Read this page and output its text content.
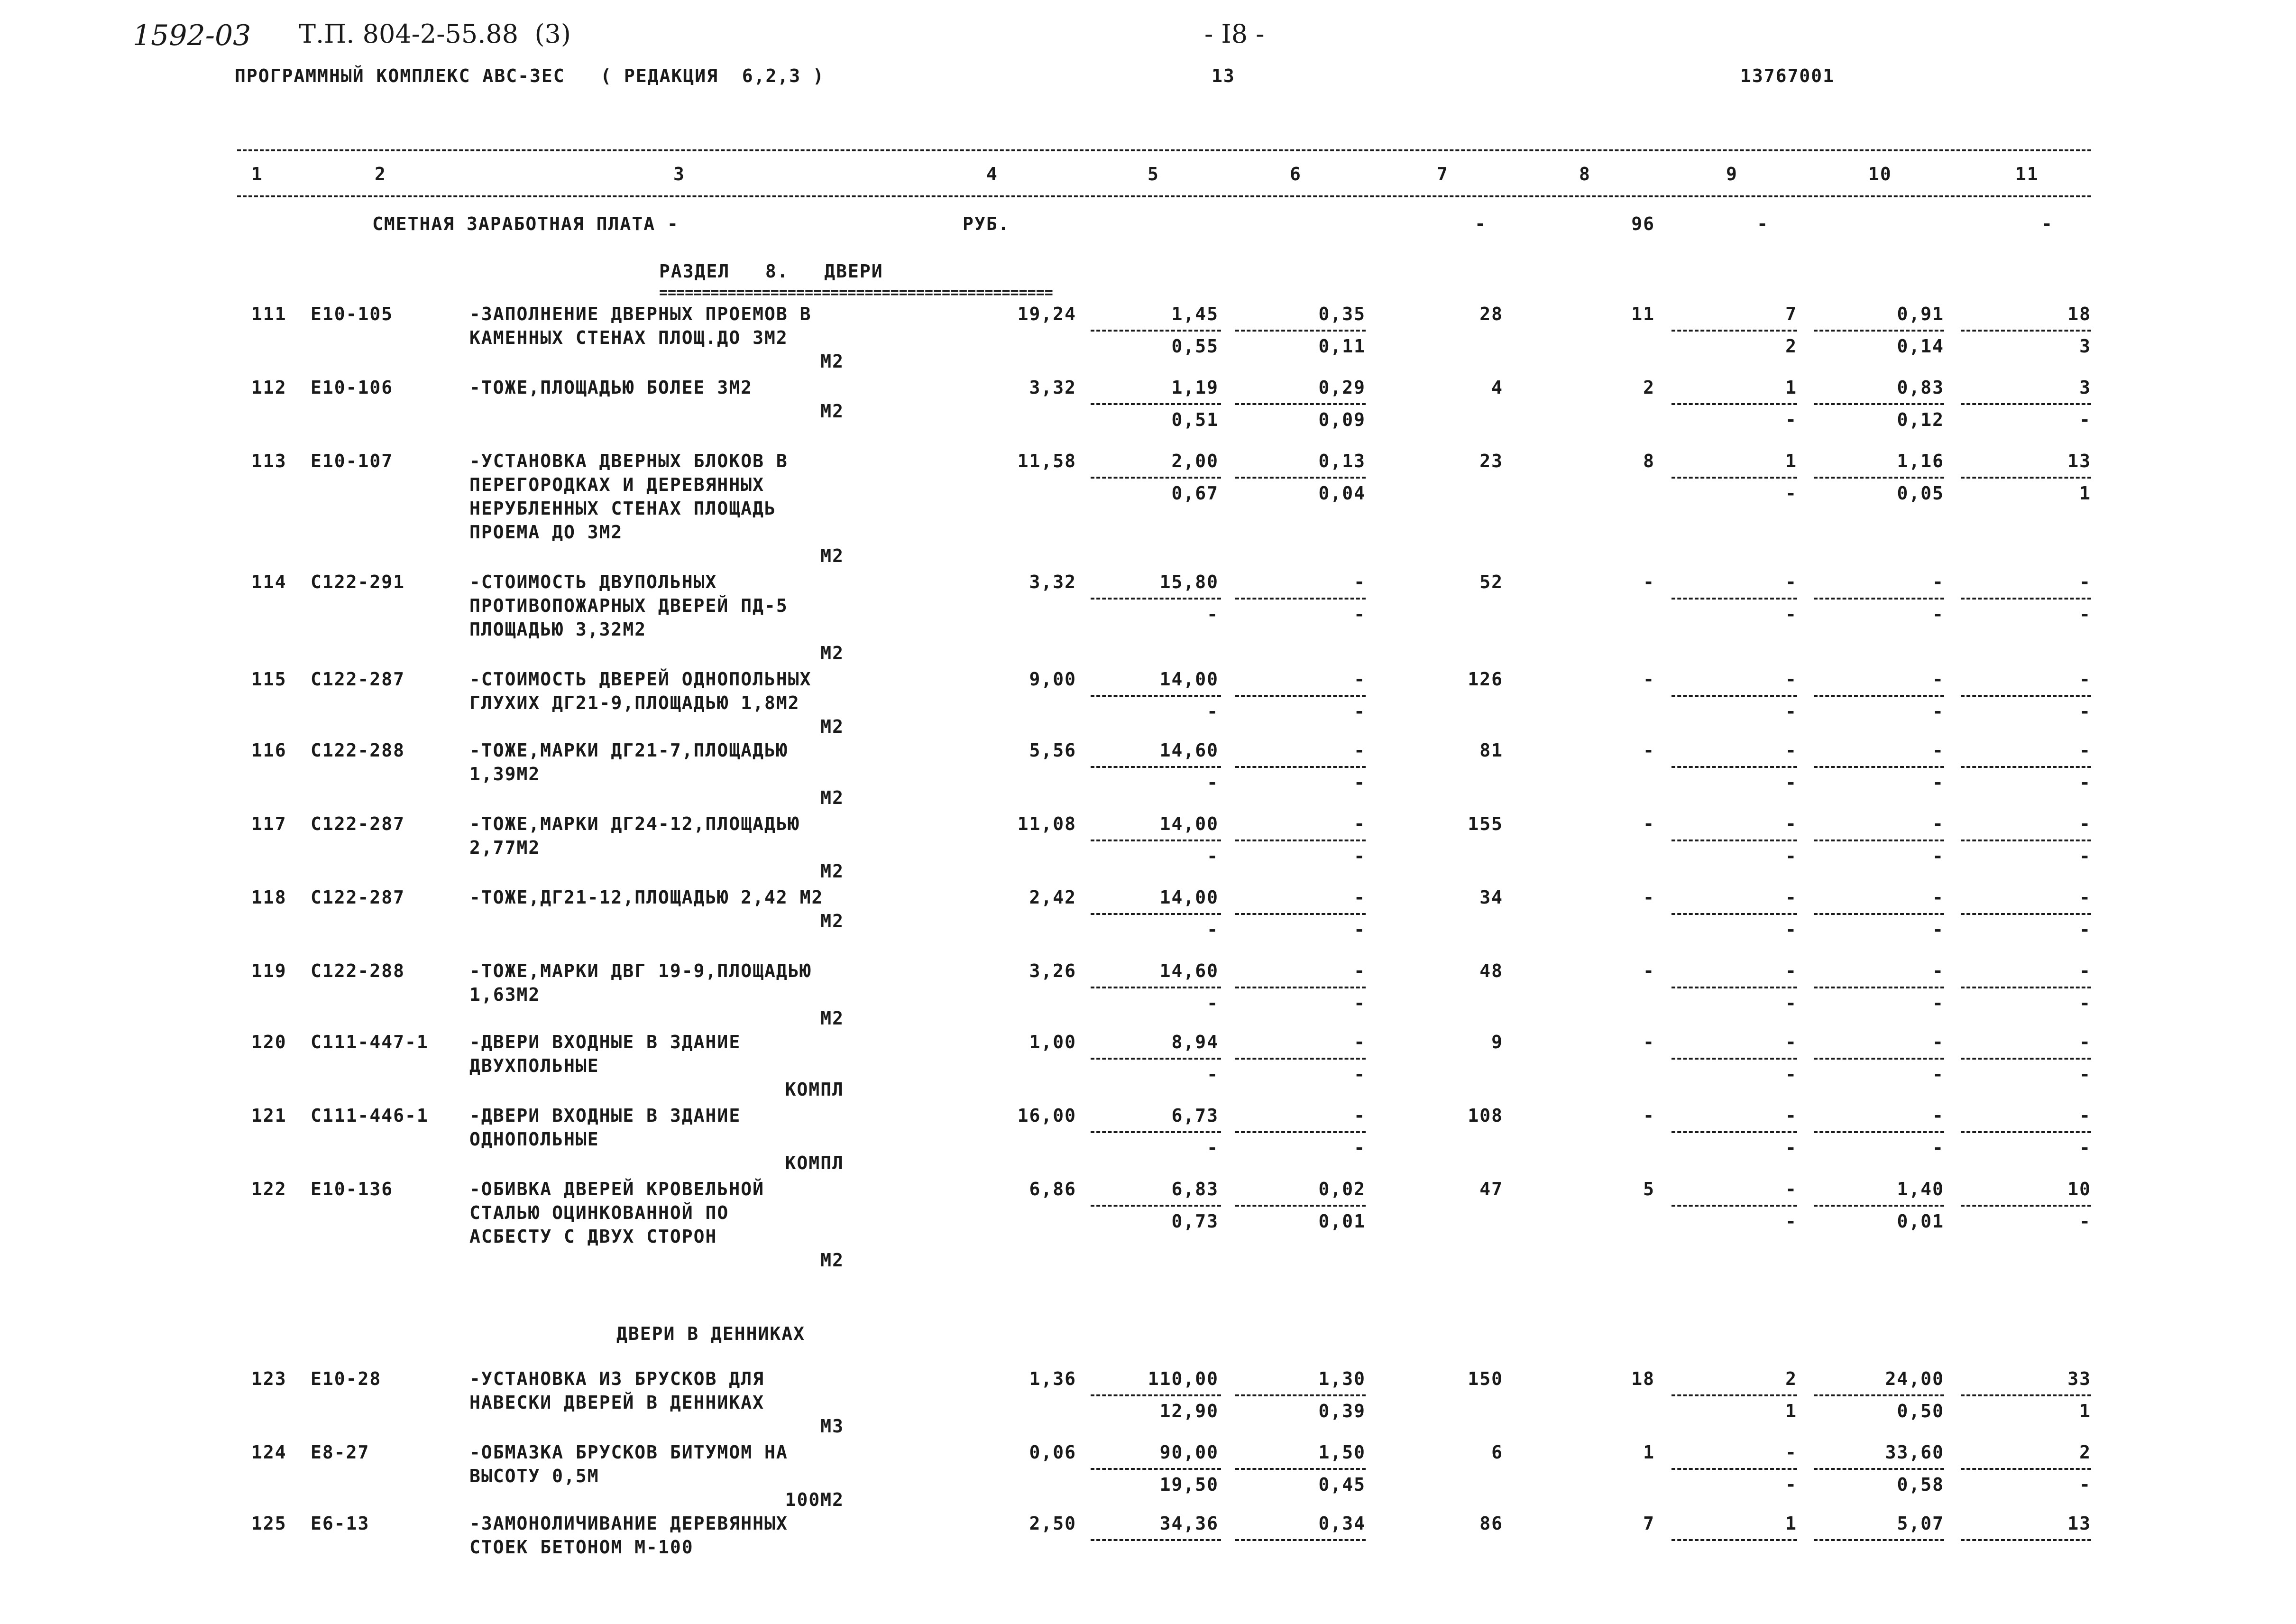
1592-03 Т.П. 804-2-55.88  (3)	- I8 -
ПРОГРАММНЫЙ КОМПЛЕКС АВС-3ЕС   ( РЕДАКЦИЯ  6,2,3 )	13	13767001
1	2	3	4	5	6	7	8	9	10	11
СМЕТНАЯ ЗАРАБОТНАЯ ПЛАТА -	РУБ.	-	96	-	-
РАЗДЕЛ   8.   ДВЕРИ
==============================================
111 Е10-105	-ЗАПОЛНЕНИЕ ДВЕРНЫХ ПРОЕМОВ В
КАМЕННЫХ СТЕНАХ ПЛОЩ.ДО 3М2
19,24	1,45	0,35	28	11	7	0,91	18
0,55	0,11	2	0,14	3
М2
112 Е10-106	-ТОЖЕ,ПЛОЩАДЬЮ БОЛЕЕ 3М2	3,32	1,19	0,29	4	2	1	0,83	3
0,51	0,09	-	0,12	-
М2
113 Е10-107	-УСТАНОВКА ДВЕРНЫХ БЛОКОВ В
ПЕРЕГОРОДКАХ И ДЕРЕВЯННЫХ
НЕРУБЛЕННЫХ СТЕНАХ ПЛОЩАДЬ
ПРОЕМА ДО 3М2
11,58	2,00	0,13	23	8	1	1,16	13
0,67	0,04	-	0,05	1
М2
114 С122-291	-СТОИМОСТЬ ДВУПОЛЬНЫХ
ПРОТИВОПОЖАРНЫХ ДВЕРЕЙ ПД-5
ПЛОЩАДЬЮ 3,32М2
3,32	15,80	-	52	-	-	-	-
-	-	-	-	-
М2
115 С122-287	-СТОИМОСТЬ ДВЕРЕЙ ОДНОПОЛЬНЫХ
ГЛУХИХ ДГ21-9,ПЛОЩАДЬЮ 1,8М2
9,00	14,00	-	126	-	-	-	-
-	-	-	-	-
М2
116 С122-288	-ТОЖЕ,МАРКИ ДГ21-7,ПЛОЩАДЬЮ
1,39М2
5,56	14,60	-	81	-	-	-	-
-	-	-	-	-
М2
117 С122-287	-ТОЖЕ,МАРКИ ДГ24-12,ПЛОЩАДЬЮ
2,77М2
11,08	14,00	-	155	-	-	-	-
-	-	-	-	-
М2
118 С122-287	-ТОЖЕ,ДГ21-12,ПЛОЩАДЬЮ 2,42 М2	2,42	14,00	-	34	-	-	-	-
-	-	-	-	-
М2
119 С122-288	-ТОЖЕ,МАРКИ ДВГ 19-9,ПЛОЩАДЬЮ
1,63М2
3,26	14,60	-	48	-	-	-	-
-	-	-	-	-
М2
120 С111-447-1 -ДВЕРИ ВХОДНЫЕ В ЗДАНИЕ
ДВУХПОЛЬНЫЕ
1,00	8,94	-	9	-	-	-	-
-	-	-	-	-
КОМПЛ
121 С111-446-1 -ДВЕРИ ВХОДНЫЕ В ЗДАНИЕ
ОДНОПОЛЬНЫЕ
16,00	6,73	-	108	-	-	-	-
-	-	-	-	-
КОМПЛ
122 Е10-136	-ОБИВКА ДВЕРЕЙ КРОВЕЛЬНОЙ
СТАЛЬЮ ОЦИНКОВАННОЙ ПО
АСБЕСТУ С ДВУХ СТОРОН
6,86	6,83	0,02	47	5	-	1,40	10
0,73	0,01	-	0,01	-
М2
123 Е10-28	-УСТАНОВКА ИЗ БРУСКОВ ДЛЯ
НАВЕСКИ ДВЕРЕЙ В ДЕННИКАХ
1,36	110,00	1,30	150	18	2	24,00	33
12,90	0,39	1	0,50	1
М3
124 Е8-27	-ОБМАЗКА БРУСКОВ БИТУМОМ НА
ВЫСОТУ 0,5М
0,06	90,00	1,50	6	1	-	33,60	2
19,50	0,45	-	0,58	-
100М2
125 Е6-13	-ЗАМОНОЛИЧИВАНИЕ ДЕРЕВЯННЫХ
СТОЕК БЕТОНОМ М-100
2,50	34,36	0,34	86	7	1	5,07	13
ДВЕРИ В ДЕННИКАХ
